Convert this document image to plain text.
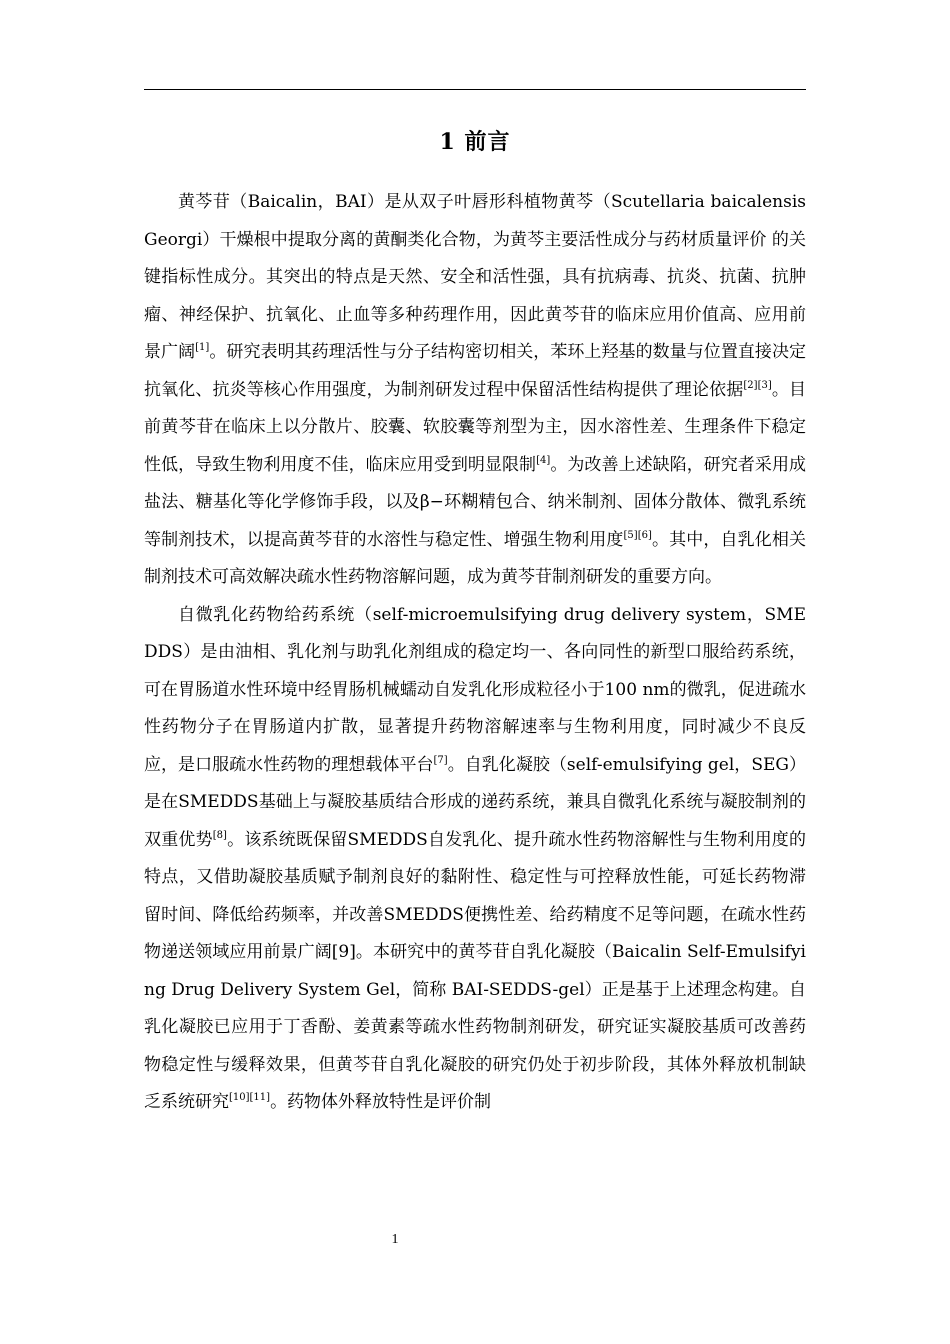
1 前言

黄芩苷（Baicalin，BAI）是从双子叶唇形科植物黄芩（Scutellaria baicalensis Georgi）干燥根中提取分离的黄酮类化合物，为黄芩主要活性成分与药材质量评价 的关键指标性成分。其突出的特点是天然、安全和活性强，具有抗病毒、抗炎、抗菌、抗肿瘤、神经保护、抗氧化、止血等多种药理作用，因此黄芩苷的临床应用价值高、应用前景广阔[1]。研究表明其药理活性与分子结构密切相关，苯环上羟基的数量与位置直接决定抗氧化、抗炎等核心作用强度，为制剂研发过程中保留活性结构提供了理论依据[2][3]。目前黄芩苷在临床上以分散片、胶囊、软胶囊等剂型为主，因水溶性差、生理条件下稳定性低，导致生物利用度不佳，临床应用受到明显限制[4]。为改善上述缺陷，研究者采用成盐法、糖基化等化学修饰手段，以及β−环糊精包合、纳米制剂、固体分散体、微乳系统等制剂技术，以提高黄芩苷的水溶性与稳定性、增强生物利用度[5][6]。其中，自乳化相关制剂技术可高效解决疏水性药物溶解问题，成为黄芩苷制剂研发的重要方向。

自微乳化药物给药系统（self-microemulsifying drug delivery system，SMEDDS）是由油相、乳化剂与助乳化剂组成的稳定均一、各向同性的新型口服给药系统，可在胃肠道水性环境中经胃肠机械蠕动自发乳化形成粒径小于100 nm的微乳，促进疏水性药物分子在胃肠道内扩散，显著提升药物溶解速率与生物利用度，同时减少不良反应，是口服疏水性药物的理想载体平台[7]。自乳化凝胶（self-emulsifying gel，SEG）是在SMEDDS基础上与凝胶基质结合形成的递药系统，兼具自微乳化系统与凝胶制剂的双重优势[8]。该系统既保留SMEDDS自发乳化、提升疏水性药物溶解性与生物利用度的特点，又借助凝胶基质赋予制剂良好的黏附性、稳定性与可控释放性能，可延长药物滞留时间、降低给药频率，并改善SMEDDS便携性差、给药精度不足等问题，在疏水性药物递送领域应用前景广阔[9]。本研究中的黄芩苷自乳化凝胶（Baicalin Self-Emulsifying Drug Delivery System Gel，简称 BAI-SEDDS-gel）正是基于上述理念构建。自乳化凝胶已应用于丁香酚、姜黄素等疏水性药物制剂研发，研究证实凝胶基质可改善药物稳定性与缓释效果，但黄芩苷自乳化凝胶的研究仍处于初步阶段，其体外释放机制缺乏系统研究[10][11]。药物体外释放特性是评价制

1
